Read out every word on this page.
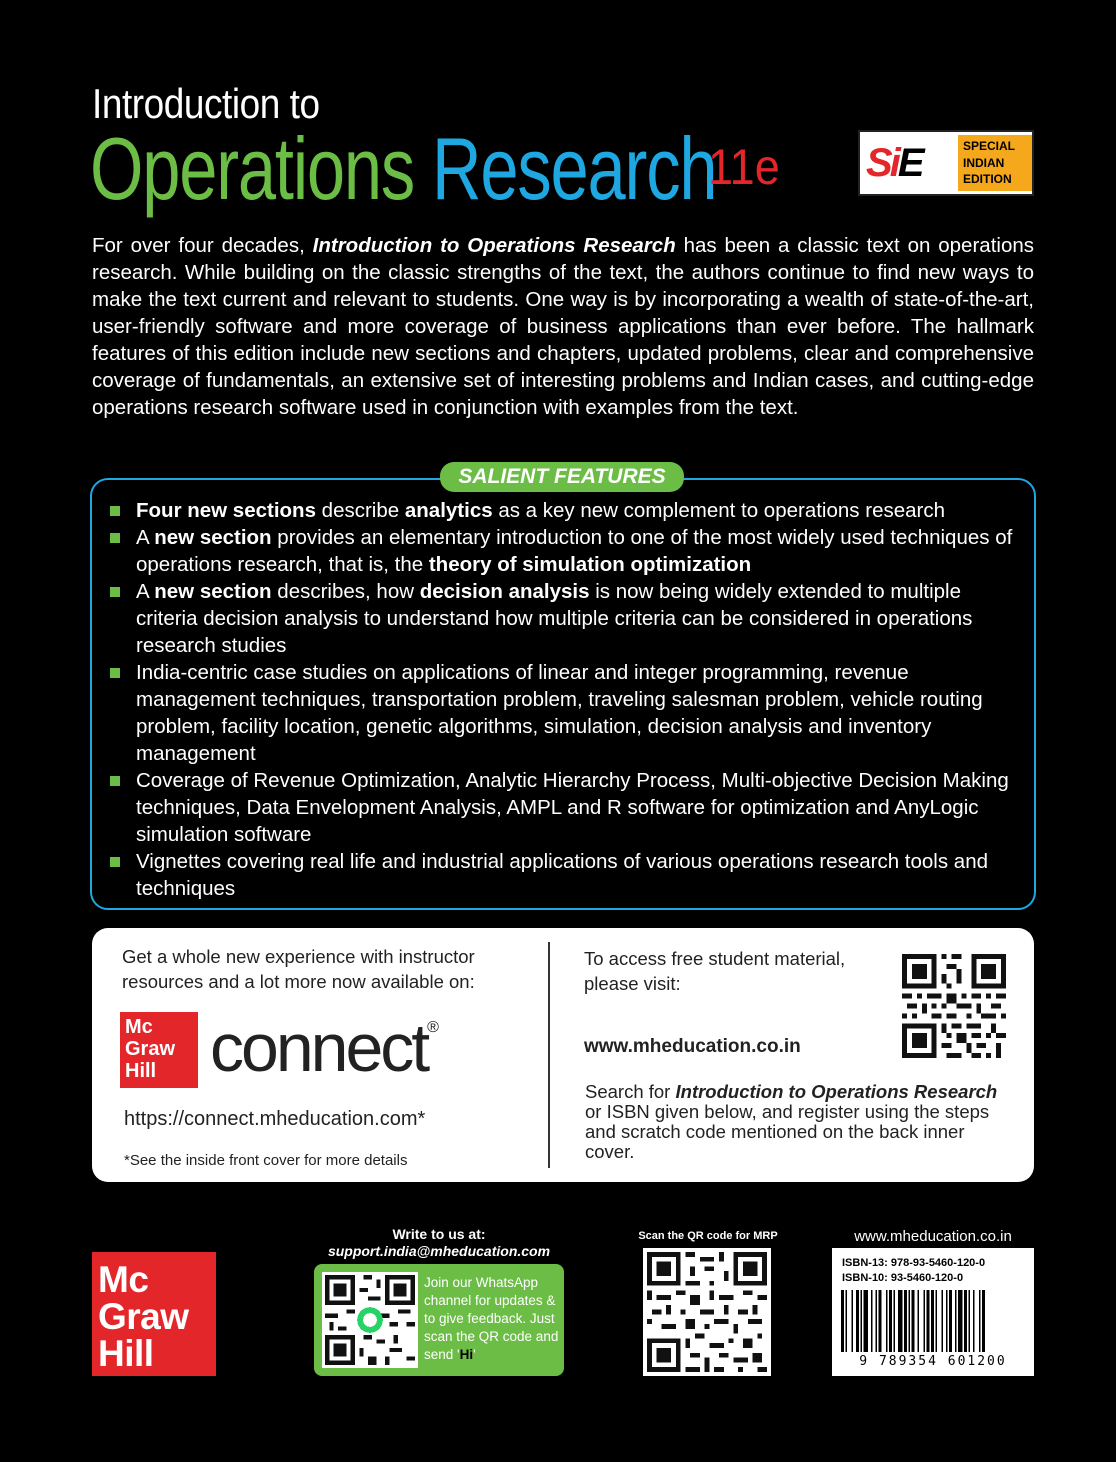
Introduction to
Operations Research
11e SiE	SPECIAL
INDIAN
EDITION

For over four decades, Introduction to Operations Research has been a classic text on operations research. While building on the classic strengths of the text, the authors continue to find new ways to make the text current and relevant to students. One way is by incorporating a wealth of state-of-the-art, user-friendly software and more coverage of business applications than ever before. The hallmark features of this edition include new sections and chapters, updated problems, clear and comprehensive coverage of fundamentals, an extensive set of interesting problems and Indian cases, and cutting-edge operations research software used in conjunction with examples from the text.

SALIENT FEATURES
Four new sections describe analytics as a key new complement to operations research
A new section provides an elementary introduction to one of the most widely used techniques of operations research, that is, the theory of simulation optimization
A new section describes, how decision analysis is now being widely extended to multiple criteria decision analysis to understand how multiple criteria can be considered in operations research studies
India-centric case studies on applications of linear and integer programming, revenue management techniques, transportation problem, traveling salesman problem, vehicle routing problem, facility location, genetic algorithms, simulation, decision analysis and inventory management
Coverage of Revenue Optimization, Analytic Hierarchy Process, Multi-objective Decision Making techniques, Data Envelopment Analysis, AMPL and R software for optimization and AnyLogic simulation software
Vignettes covering real life and industrial applications of various operations research tools and techniques
Get a whole new experience with instructor resources and a lot more now available on:
Mc
Graw
Hill connect®
https://connect.mheducation.com*
*See the inside front cover for more details
To access free student material, please visit:
www.mheducation.co.in
Search for Introduction to Operations Research or ISBN given below, and register using the steps and scratch code mentioned on the back inner cover.
Mc
Graw
Hill
Write to us at:
support.india@mheducation.com
Join our WhatsApp channel for updates & to give feedback. Just scan the QR code and send 'Hi'
Scan the QR code for MRP	www.mheducation.co.in
ISBN-13: 978-93-5460-120-0
ISBN-10: 93-5460-120-0
9 789354 601200
